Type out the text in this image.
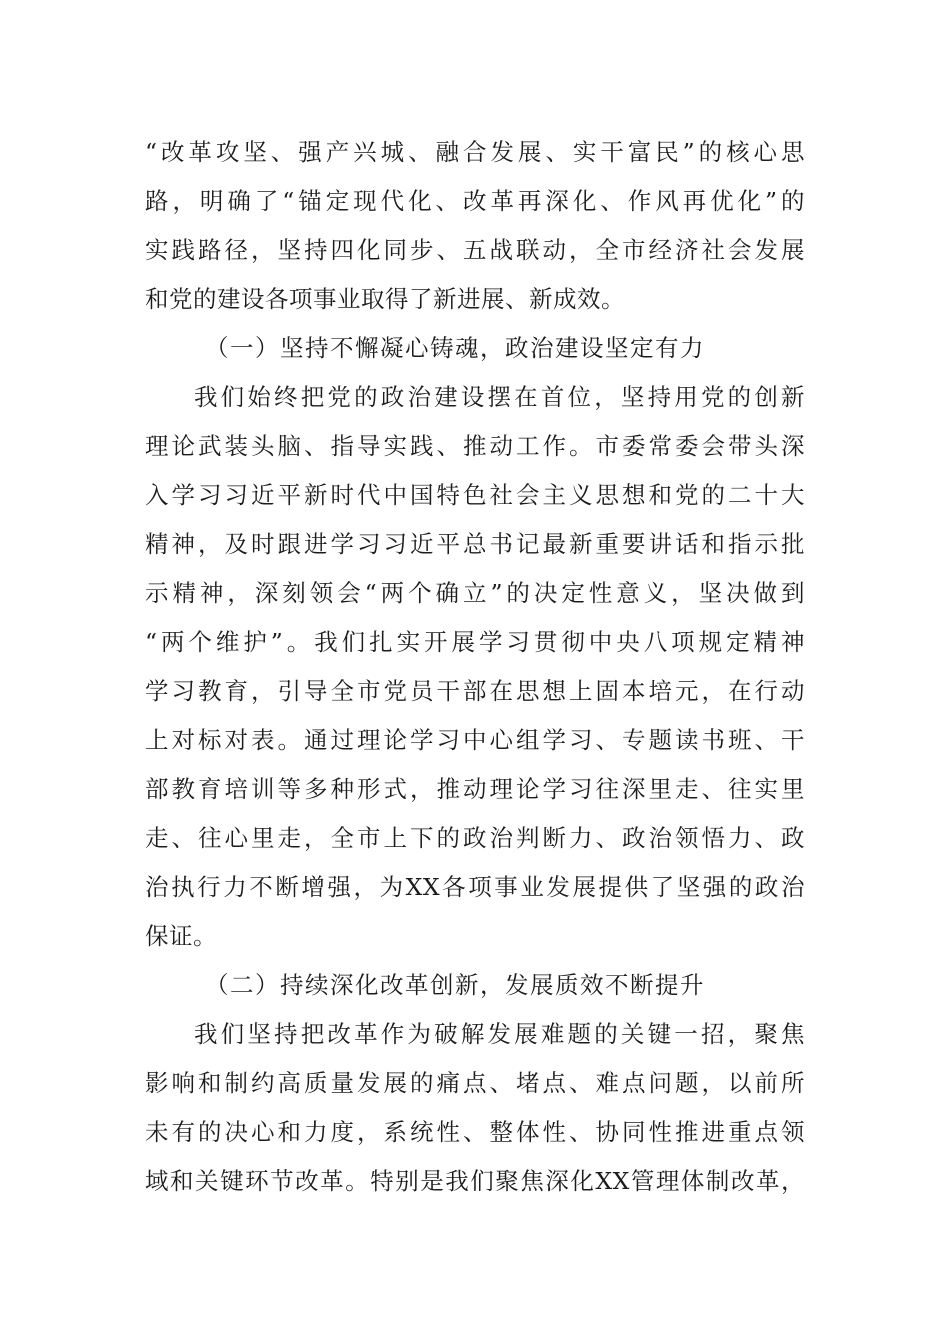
“改革攻坚、强产兴城、融合发展、实干富民”的核心思
路，明确了“锚定现代化、改革再深化、作风再优化”的
实践路径，坚持四化同步、五战联动，全市经济社会发展
和党的建设各项事业取得了新进展、新成效。
（一）坚持不懈凝心铸魂，政治建设坚定有力
我们始终把党的政治建设摆在首位，坚持用党的创新
理论武装头脑、指导实践、推动工作。市委常委会带头深
入学习习近平新时代中国特色社会主义思想和党的二十大
精神，及时跟进学习习近平总书记最新重要讲话和指示批
示精神，深刻领会“两个确立”的决定性意义，坚决做到
“两个维护”。我们扎实开展学习贯彻中央八项规定精神
学习教育，引导全市党员干部在思想上固本培元，在行动
上对标对表。通过理论学习中心组学习、专题读书班、干
部教育培训等多种形式，推动理论学习往深里走、往实里
走、往心里走，全市上下的政治判断力、政治领悟力、政
治执行力不断增强，为XX各项事业发展提供了坚强的政治
保证。
（二）持续深化改革创新，发展质效不断提升
我们坚持把改革作为破解发展难题的关键一招，聚焦
影响和制约高质量发展的痛点、堵点、难点问题，以前所
未有的决心和力度，系统性、整体性、协同性推进重点领
域和关键环节改革。特别是我们聚焦深化XX管理体制改革，
